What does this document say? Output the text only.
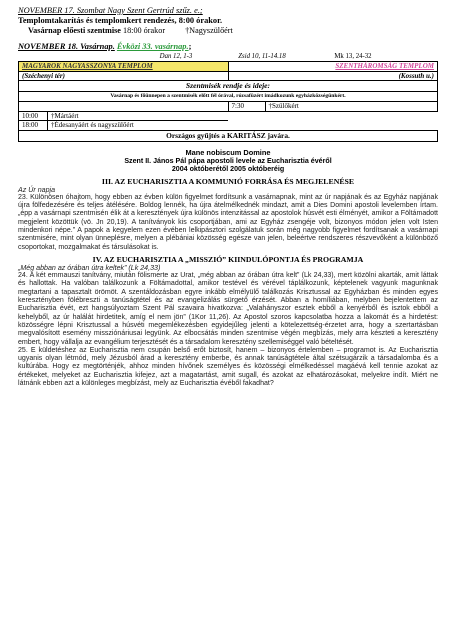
NOVEMBER 17. Szombat Nagy Szent Gertrúd szűz. e.;
Templomtakarítás és templomkert rendezés, 8:00 órakor.
Vasárnap előesti szentmise 18:00 órakor †Nagyszülőért
NOVEMBER 18. Vasárnap. Évközi 33. vasárnap.;
Dan 12, 1-3	Zsid 10, 11-14.18	Mk 13, 24-32
MAGYAROK NAGYASSZONYA TEMPLOM	SZENTHÁROMSÁG TEMPLOM
(Széchenyi tér)	(Kossuth u.)
Szentmisék rendje és ideje:	
Vasárnap és főünnepen a szentmisék előtt fél órával, rózsafüzért imádkozunk egyházközségünkért.	
	7:30 †Szülőkért
10:00 †Mártáért	
18:00 †Édesanyáért és nagyszülőért	
Országos gyűjtés a KARITÁSZ javára.	
Mane nobiscum Domine
Szent II. János Pál pápa apostoli levele az Eucharisztia évéről
2004 októberétől 2005 októberéig
III. AZ EUCHARISZTIA A KOMMUNIÓ FORRÁSA ÉS MEGJELENÉSE
Az Úr napja

23. Különösen óhajtom, hogy ebben az évben külön figyelmet fordítsunk a vasárnapnak, mint az úr napjának és az Egyház napjának újra fölfedezésére és teljes átélésére. Boldog lennék, ha újra átelmélkednék mindazt, amit a Dies Domini apostoli levelemben írtam. „épp a vasárnapi szentmisén élik át a keresztények újra különös intenzitással az apostolok húsvét esti élményét, amikor a Föltámadott megjelent közöttük (vö. Jn 20,19). A tanítványok kis csoportjában, ami az Egyház zsengéje volt, bizonyos módon jelen volt Isten mindenkori népe.” A papok a kegyelem ezen évében lelkipásztori szolgálatuk során még nagyobb figyelmet fordítsanak a vasárnapi szentmisére, mint olyan ünneplésre, melyen a plébániai közösség egésze van jelen, beleértve rendszeres részvevőként a különböző csoportokat, mozgalmakat és társulásokat is.

IV. AZ EUCHARISZTIA A „MISSZIÓ” KIINDULÓPONTJA ÉS PROGRAMJA
„Még abban az órában útra keltek” (Lk 24,33)

24. A két emmauszi tanítvány, miután fölismerte az Urat, „még abban az órában útra kelt” (Lk 24,33), mert közölni akarták, amit láttak és hallottak. Ha valóban találkozunk a Föltámadottal, amikor testével és vérével táplálkozunk, képtelenek vagyunk magunknak megtartani a tapasztalt örömöt. A szentáldozásban egyre inkább elmélyülő találkozás Krisztussal az Egyházban és minden egyes keresztényben fölébreszti a tanúságtétel és az evangelizálás sürgető érzését. Abban a homíliában, melyben bejelentettem az Eucharisztia évét, ezt hangsúlyoztam Szent Pál szavaira hivatkozva: „Valahányszor esztek ebből a kenyérből és isztok ebből a kehelyből, az úr halálát hirdetitek, amíg el nem jön” (1Kor 11,26). Az Apostol szoros kapcsolatba hozza a lakomát és a hirdetést: közösségre lépni Krisztussal a húsvéti megemlékezésben egyidejűleg jelenti a kötelezettség-érzetet arra, hogy a szertartásban megvalósított esemény missziónáriusai legyünk. Az elbocsátás minden szentmise végén megbízás, mely arra készteti a keresztény embert, hogy vállalja az evangélium terjesztését és a társadalom keresztény szellemiséggel való bételtését.

25. E küldetéshez az Eucharisztia nem csupán belső erőt biztosít, hanem – bizonyos értelemben – programot is. Az Eucharisztia ugyanis olyan létmód, mely Jézusból árad a keresztény emberbe, és annak tanúságtétele által szétsugárzik a társadalomba és a kultúrába. Hogy ez megtörténjék, ahhoz minden hívőnek személyes és közösségi elmélkedéssel magáévá kell tennie azokat az értékeket, melyeket az Eucharisztia kifejez, azt a magatartást, amit sugall, és azokat az elhatározásokat, melyekre indít. Miért ne látnánk ebben azt a különleges megbízást, mely az Eucharisztia évéből fakadhat?
